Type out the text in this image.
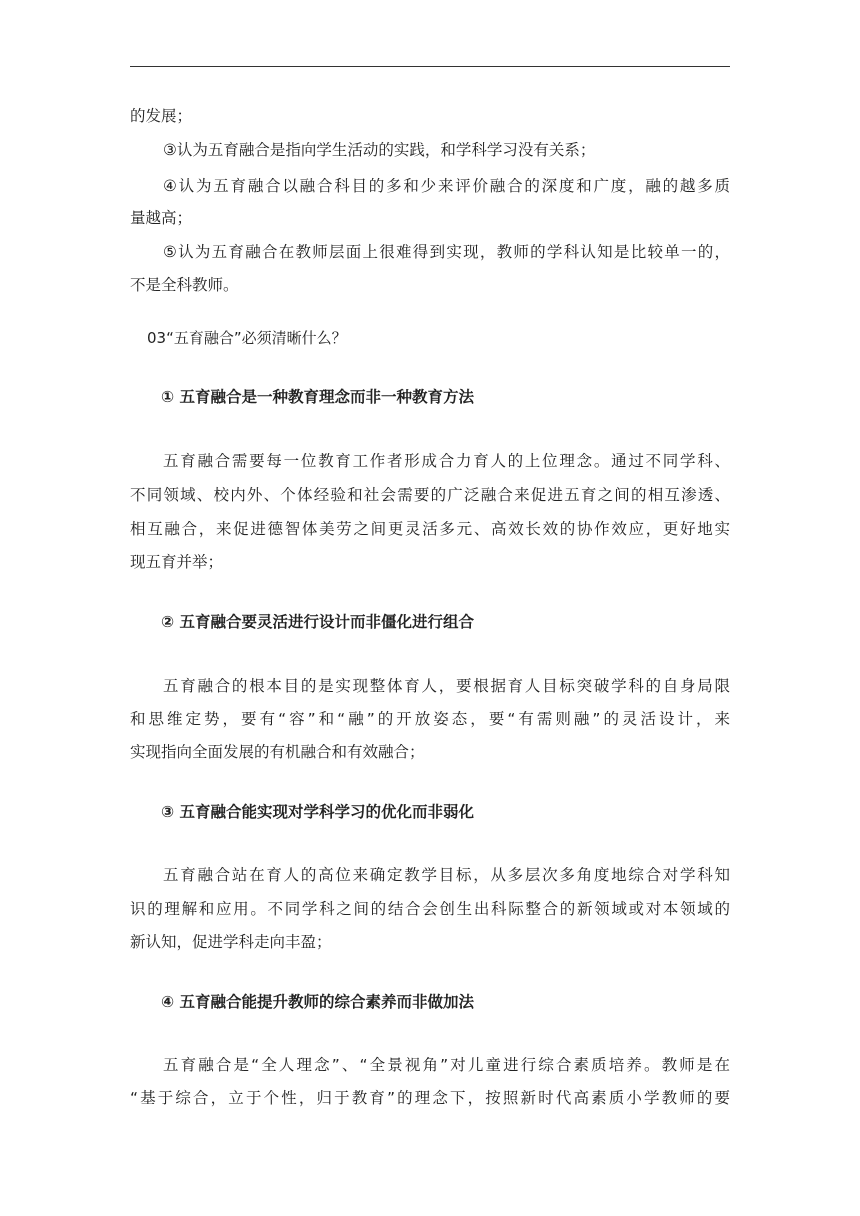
的发展；
③认为五育融合是指向学生活动的实践，和学科学习没有关系；
④认为五育融合以融合科目的多和少来评价融合的深度和广度，融的越多质
量越高；
⑤认为五育融合在教师层面上很难得到实现，教师的学科认知是比较单一的，
不是全科教师。
03“五育融合”必须清晰什么？
① 五育融合是一种教育理念而非一种教育方法
五育融合需要每一位教育工作者形成合力育人的上位理念。通过不同学科、
不同领域、校内外、个体经验和社会需要的广泛融合来促进五育之间的相互渗透、
相互融合，来促进德智体美劳之间更灵活多元、高效长效的协作效应，更好地实
现五育并举；
② 五育融合要灵活进行设计而非僵化进行组合
五育融合的根本目的是实现整体育人，要根据育人目标突破学科的自身局限
和思维定势，要有“容”和“融”的开放姿态，要“有需则融”的灵活设计，来
实现指向全面发展的有机融合和有效融合；
③ 五育融合能实现对学科学习的优化而非弱化
五育融合站在育人的高位来确定教学目标，从多层次多角度地综合对学科知
识的理解和应用。不同学科之间的结合会创生出科际整合的新领域或对本领域的
新认知，促进学科走向丰盈；
④ 五育融合能提升教师的综合素养而非做加法
五育融合是“全人理念”、“全景视角”对儿童进行综合素质培养。教师是在
“基于综合，立于个性，归于教育”的理念下，按照新时代高素质小学教师的要
